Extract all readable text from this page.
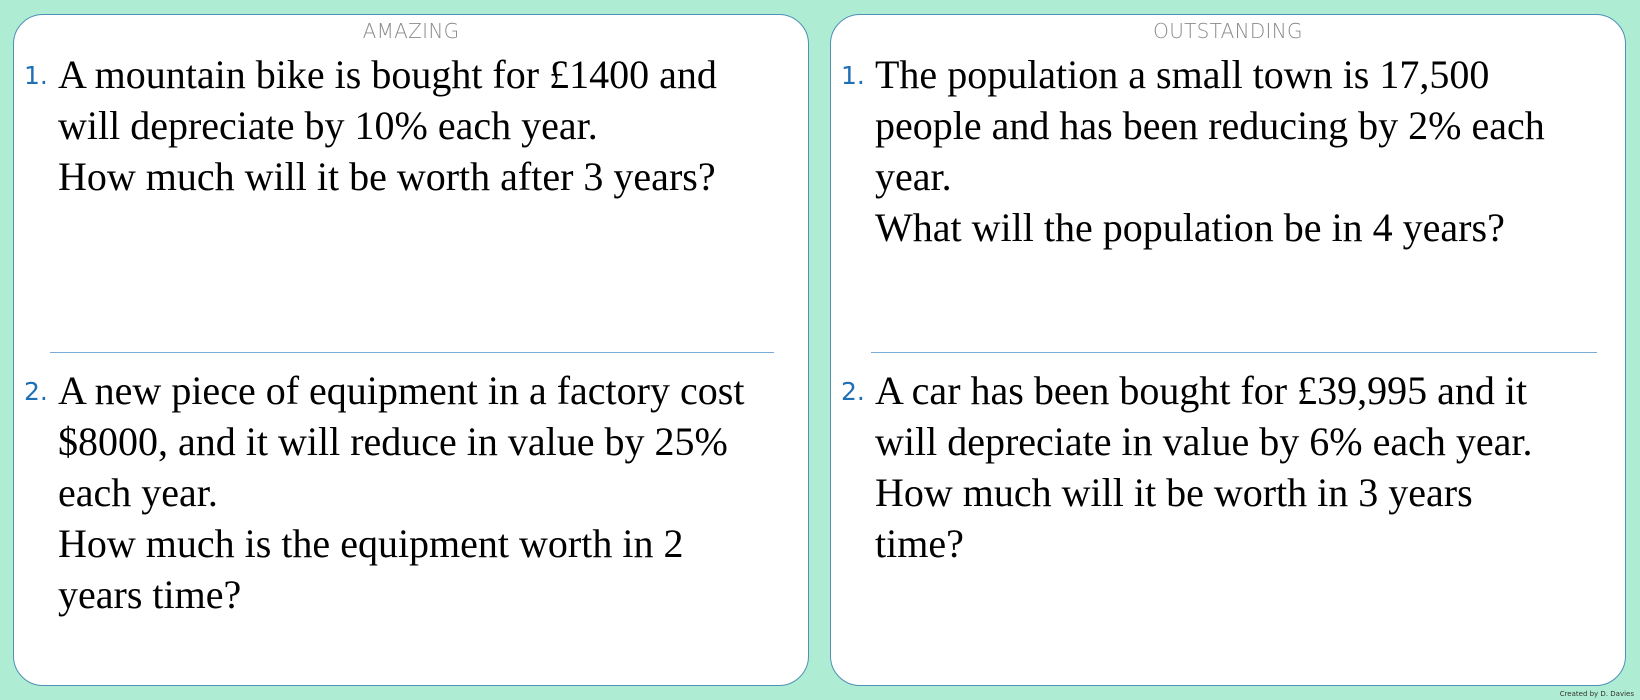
AMAZING
1. A mountain bike is bought for £1400 and
will depreciate by 10% each year.
How much will it be worth after 3 years?
2. A new piece of equipment in a factory cost
$8000, and it will reduce in value by 25%
each year.
How much is the equipment worth in 2
years time?
OUTSTANDING
1. The population a small town is 17,500
people and has been reducing by 2% each
year.
What will the population be in 4 years?
2. A car has been bought for £39,995 and it
will depreciate in value by 6% each year.
How much will it be worth in 3 years
time?
Created by D. Davies
